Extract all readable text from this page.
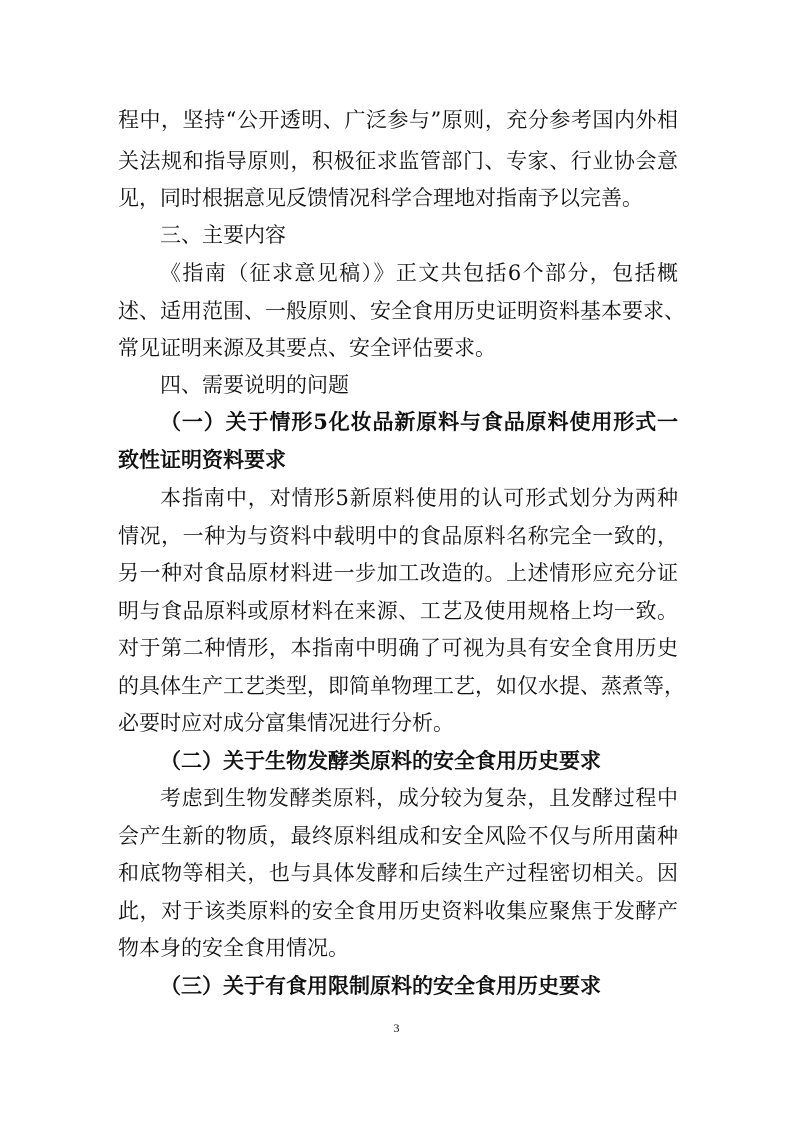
程中，坚持“公开透明、广泛参与”原则，充分参考国内外相
关法规和指导原则，积极征求监管部门、专家、行业协会意
见，同时根据意见反馈情况科学合理地对指南予以完善。
三、主要内容
《指南（征求意见稿）》正文共包括6个部分，包括概
述、适用范围、一般原则、安全食用历史证明资料基本要求、
常见证明来源及其要点、安全评估要求。
四、需要说明的问题
（一）关于情形5化妆品新原料与食品原料使用形式一
致性证明资料要求
本指南中，对情形5新原料使用的认可形式划分为两种
情况，一种为与资料中载明中的食品原料名称完全一致的，
另一种对食品原材料进一步加工改造的。上述情形应充分证
明与食品原料或原材料在来源、工艺及使用规格上均一致。
对于第二种情形，本指南中明确了可视为具有安全食用历史
的具体生产工艺类型，即简单物理工艺，如仅水提、蒸煮等，
必要时应对成分富集情况进行分析。
（二）关于生物发酵类原料的安全食用历史要求
考虑到生物发酵类原料，成分较为复杂，且发酵过程中
会产生新的物质，最终原料组成和安全风险不仅与所用菌种
和底物等相关，也与具体发酵和后续生产过程密切相关。因
此，对于该类原料的安全食用历史资料收集应聚焦于发酵产
物本身的安全食用情况。
（三）关于有食用限制原料的安全食用历史要求
3
